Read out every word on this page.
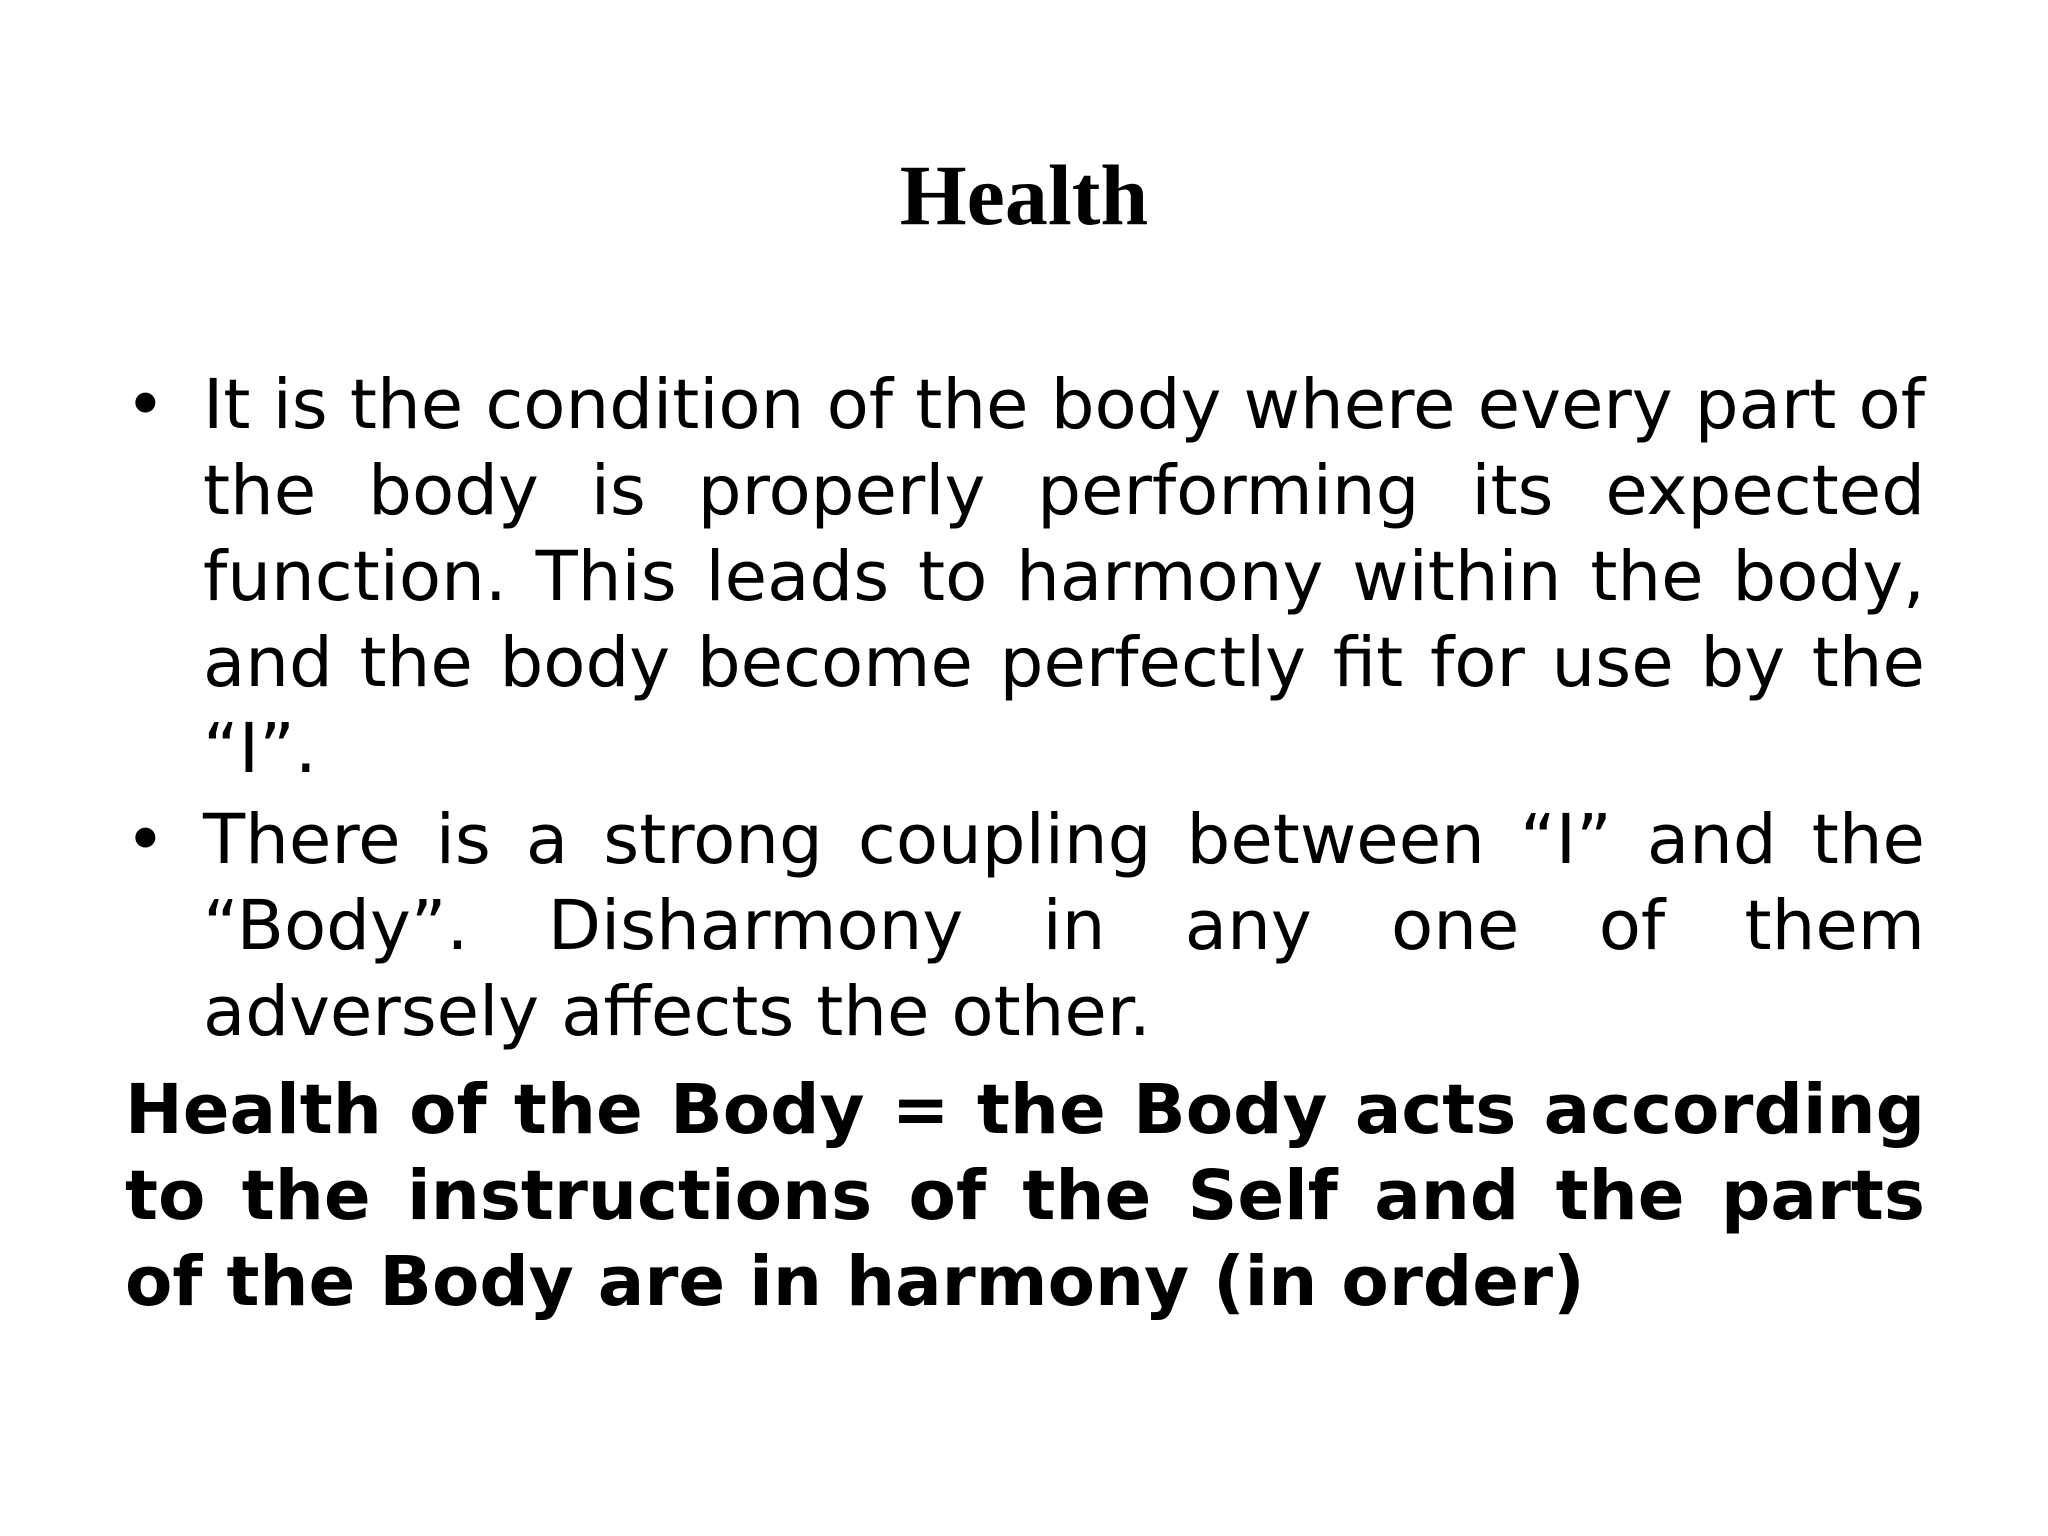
Health
• It is the condition of the body where every part of the body is properly performing its expected function. This leads to harmony within the body, and the body become perfectly fit for use by the “I”.
• There is a strong coupling between “I” and the “Body”. Disharmony in any one of them adversely affects the other.

Health of the Body = the Body acts according to the instructions of the Self and the parts of the Body are in harmony (in order)
